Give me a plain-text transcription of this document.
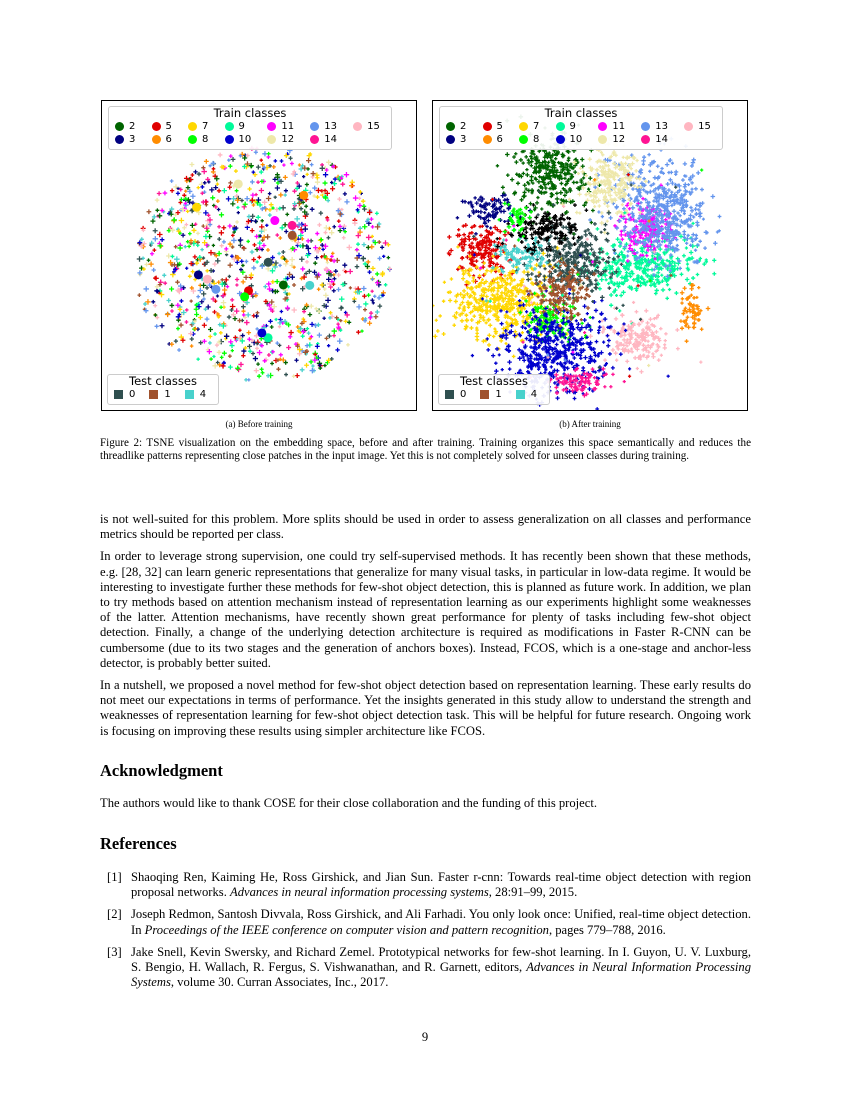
Train classes
2	5	7	9	11	13	15
3	6	8	10	12	14
Test classes
0	1	4
(a) Before training
Train classes
2	5	7	9	11	13	15
3	6	8	10	12	14
Test classes
0	1	4
(b) After training
Figure 2: TSNE visualization on the embedding space, before and after training. Training organizes this space semantically and reduces the threadlike patterns representing close patches in the input image. Yet this is not completely solved for unseen classes during training.

is not well-suited for this problem. More splits should be used in order to assess generalization on all classes and performance metrics should be reported per class.

In order to leverage strong supervision, one could try self-supervised methods. It has recently been shown that these methods, e.g. [28, 32] can learn generic representations that generalize for many visual tasks, in particular in low-data regime. It would be interesting to investigate further these methods for few-shot object detection, this is planned as future work. In addition, we plan to try methods based on attention mechanism instead of representation learning as our experiments highlight some weaknesses of the latter. Attention mechanisms, have recently shown great performance for plenty of tasks including few-shot object detection. Finally, a change of the underlying detection architecture is required as modifications in Faster R-CNN can be cumbersome (due to its two stages and the generation of anchors boxes). Instead, FCOS, which is a one-stage and anchor-less detector, is probably better suited.

In a nutshell, we proposed a novel method for few-shot object detection based on representation learning. These early results do not meet our expectations in terms of performance. Yet the insights generated in this study allow to understand the strength and weaknesses of representation learning for few-shot object detection task. This will be helpful for future research. Ongoing work is focusing on improving these results using simpler architecture like FCOS.

Acknowledgment
The authors would like to thank COSE for their close collaboration and the funding of this project.
References
[1] Shaoqing Ren, Kaiming He, Ross Girshick, and Jian Sun. Faster r-cnn: Towards real-time object detection with region proposal networks. Advances in neural information processing systems, 28:91–99, 2015.
[2] Joseph Redmon, Santosh Divvala, Ross Girshick, and Ali Farhadi. You only look once: Unified, real-time object detection. In Proceedings of the IEEE conference on computer vision and pattern recognition, pages 779–788, 2016.
[3] Jake Snell, Kevin Swersky, and Richard Zemel. Prototypical networks for few-shot learning. In I. Guyon, U. V. Luxburg, S. Bengio, H. Wallach, R. Fergus, S. Vishwanathan, and R. Garnett, editors, Advances in Neural Information Processing Systems, volume 30. Curran Associates, Inc., 2017.
9
